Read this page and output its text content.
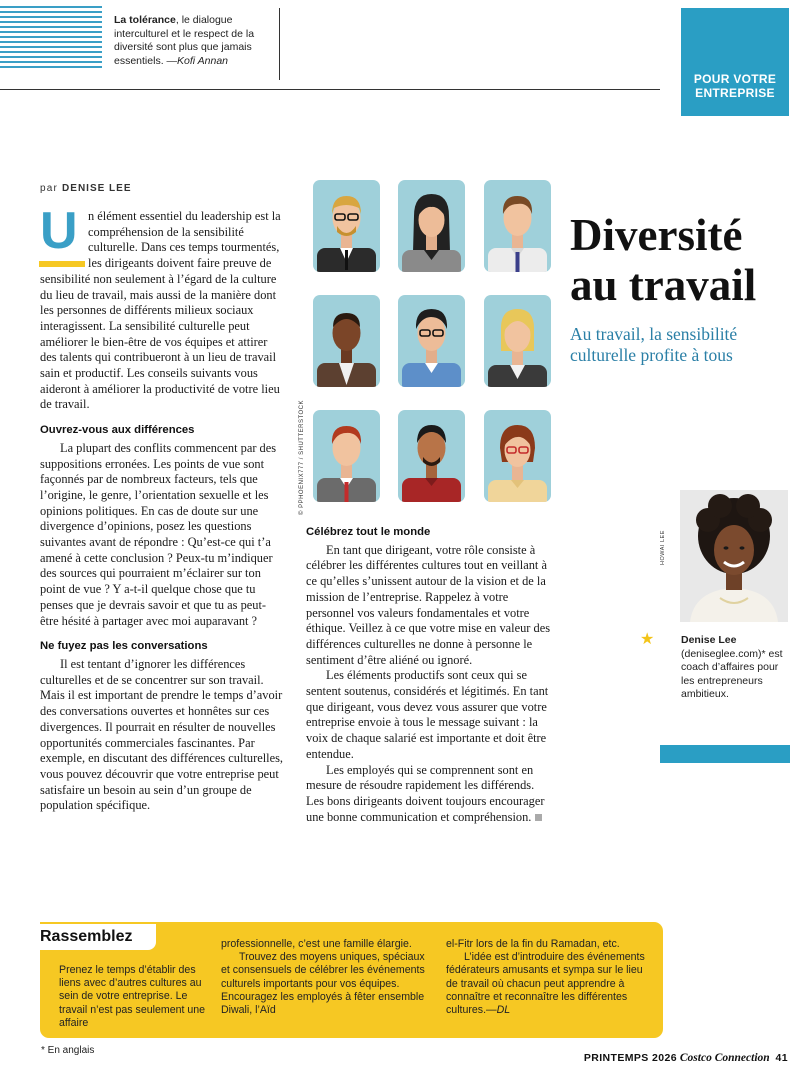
La tolérance, le dialogue interculturel et le respect de la diversité sont plus que jamais essentiels. —Kofi Annan
POUR VOTRE ENTREPRISE
par DENISE LEE
Diversité au travail
Au travail, la sensibilité culturelle profite à tous

Un élément essentiel du leadership est la compréhension de la sensibilité culturelle. Dans ces temps tourmentés, les dirigeants doivent faire preuve de sensibilité non seulement à l’égard de la culture du lieu de travail, mais aussi de la manière dont les personnes de différents milieux sociaux interagissent. La sensibilité culturelle peut améliorer le bien-être de vos équipes et attirer des talents qui contribueront à un lieu de travail sain et productif. Les conseils suivants vous aideront à améliorer la productivité de votre lieu de travail.

Ouvrez-vous aux différences

La plupart des conflits commencent par des suppositions erronées. Les points de vue sont façonnés par de nombreux facteurs, tels que l’origine, le genre, l’orientation sexuelle et les opinions politiques. En cas de doute sur une divergence d’opinions, posez les questions suivantes avant de répondre : Qu’est-ce qui t’a amené à cette conclusion ? Peux-tu m’indiquer des sources qui pourraient m’éclairer sur ton point de vue ? Y a-t-il quelque chose que tu penses que je devrais savoir et que tu as peut-être hésité à partager avec moi auparavant ?

Ne fuyez pas les conversations

Il est tentant d’ignorer les différences culturelles et de se concentrer sur son travail. Mais il est important de prendre le temps d’avoir des conversations ouvertes et honnêtes sur ces divergences. Il pourrait en résulter de nouvelles opportunités commerciales fascinantes. Par exemple, en discutant des différences culturelles, vous pouvez découvrir que votre entreprise peut satisfaire un besoin au sein d’un groupe de population spécifique.

© PPHOENIX777 / SHUTTERSTOCK
Célébrez tout le monde

En tant que dirigeant, votre rôle consiste à célébrer les différentes cultures tout en veillant à ce qu’elles s’unissent autour de la vision et de la mission de l’entreprise. Rappelez à votre personnel vos valeurs fondamentales et votre éthique. Veillez à ce que votre mise en valeur des différences culturelles ne donne à personne le sentiment d’être aliéné ou ignoré.

Les éléments productifs sont ceux qui se sentent soutenus, considérés et légitimés. En tant que dirigeant, vous devez vous assurer que votre entreprise envoie à tous le message suivant : la voix de chaque salarié est importante et doit être entendue.

Les employés qui se comprennent sont en mesure de résoudre rapidement les différends. Les bons dirigeants doivent toujours encourager une bonne communication et compréhension.

HOWAI LEE
★	Denise Lee
(deniseglee.com)* est coach d’affaires pour les entrepreneurs ambitieux.
Rassemblez

Prenez le temps d’établir des liens avec d’autres cultures au sein de votre entreprise. Le travail n’est pas seulement une affaire

professionnelle, c’est une famille élargie.

Trouvez des moyens uniques, spéciaux et consensuels de célébrer les événements culturels importants pour vos équipes. Encouragez les employés à fêter ensemble Diwali, l’Aïd

el-Fitr lors de la fin du Ramadan, etc.

L’idée est d’introduire des événements fédérateurs amusants et sympa sur le lieu de travail où chacun peut apprendre à connaître et reconnaître les différentes cultures.—DL

* En anglais
PRINTEMPS 2026 Costco Connection 41
